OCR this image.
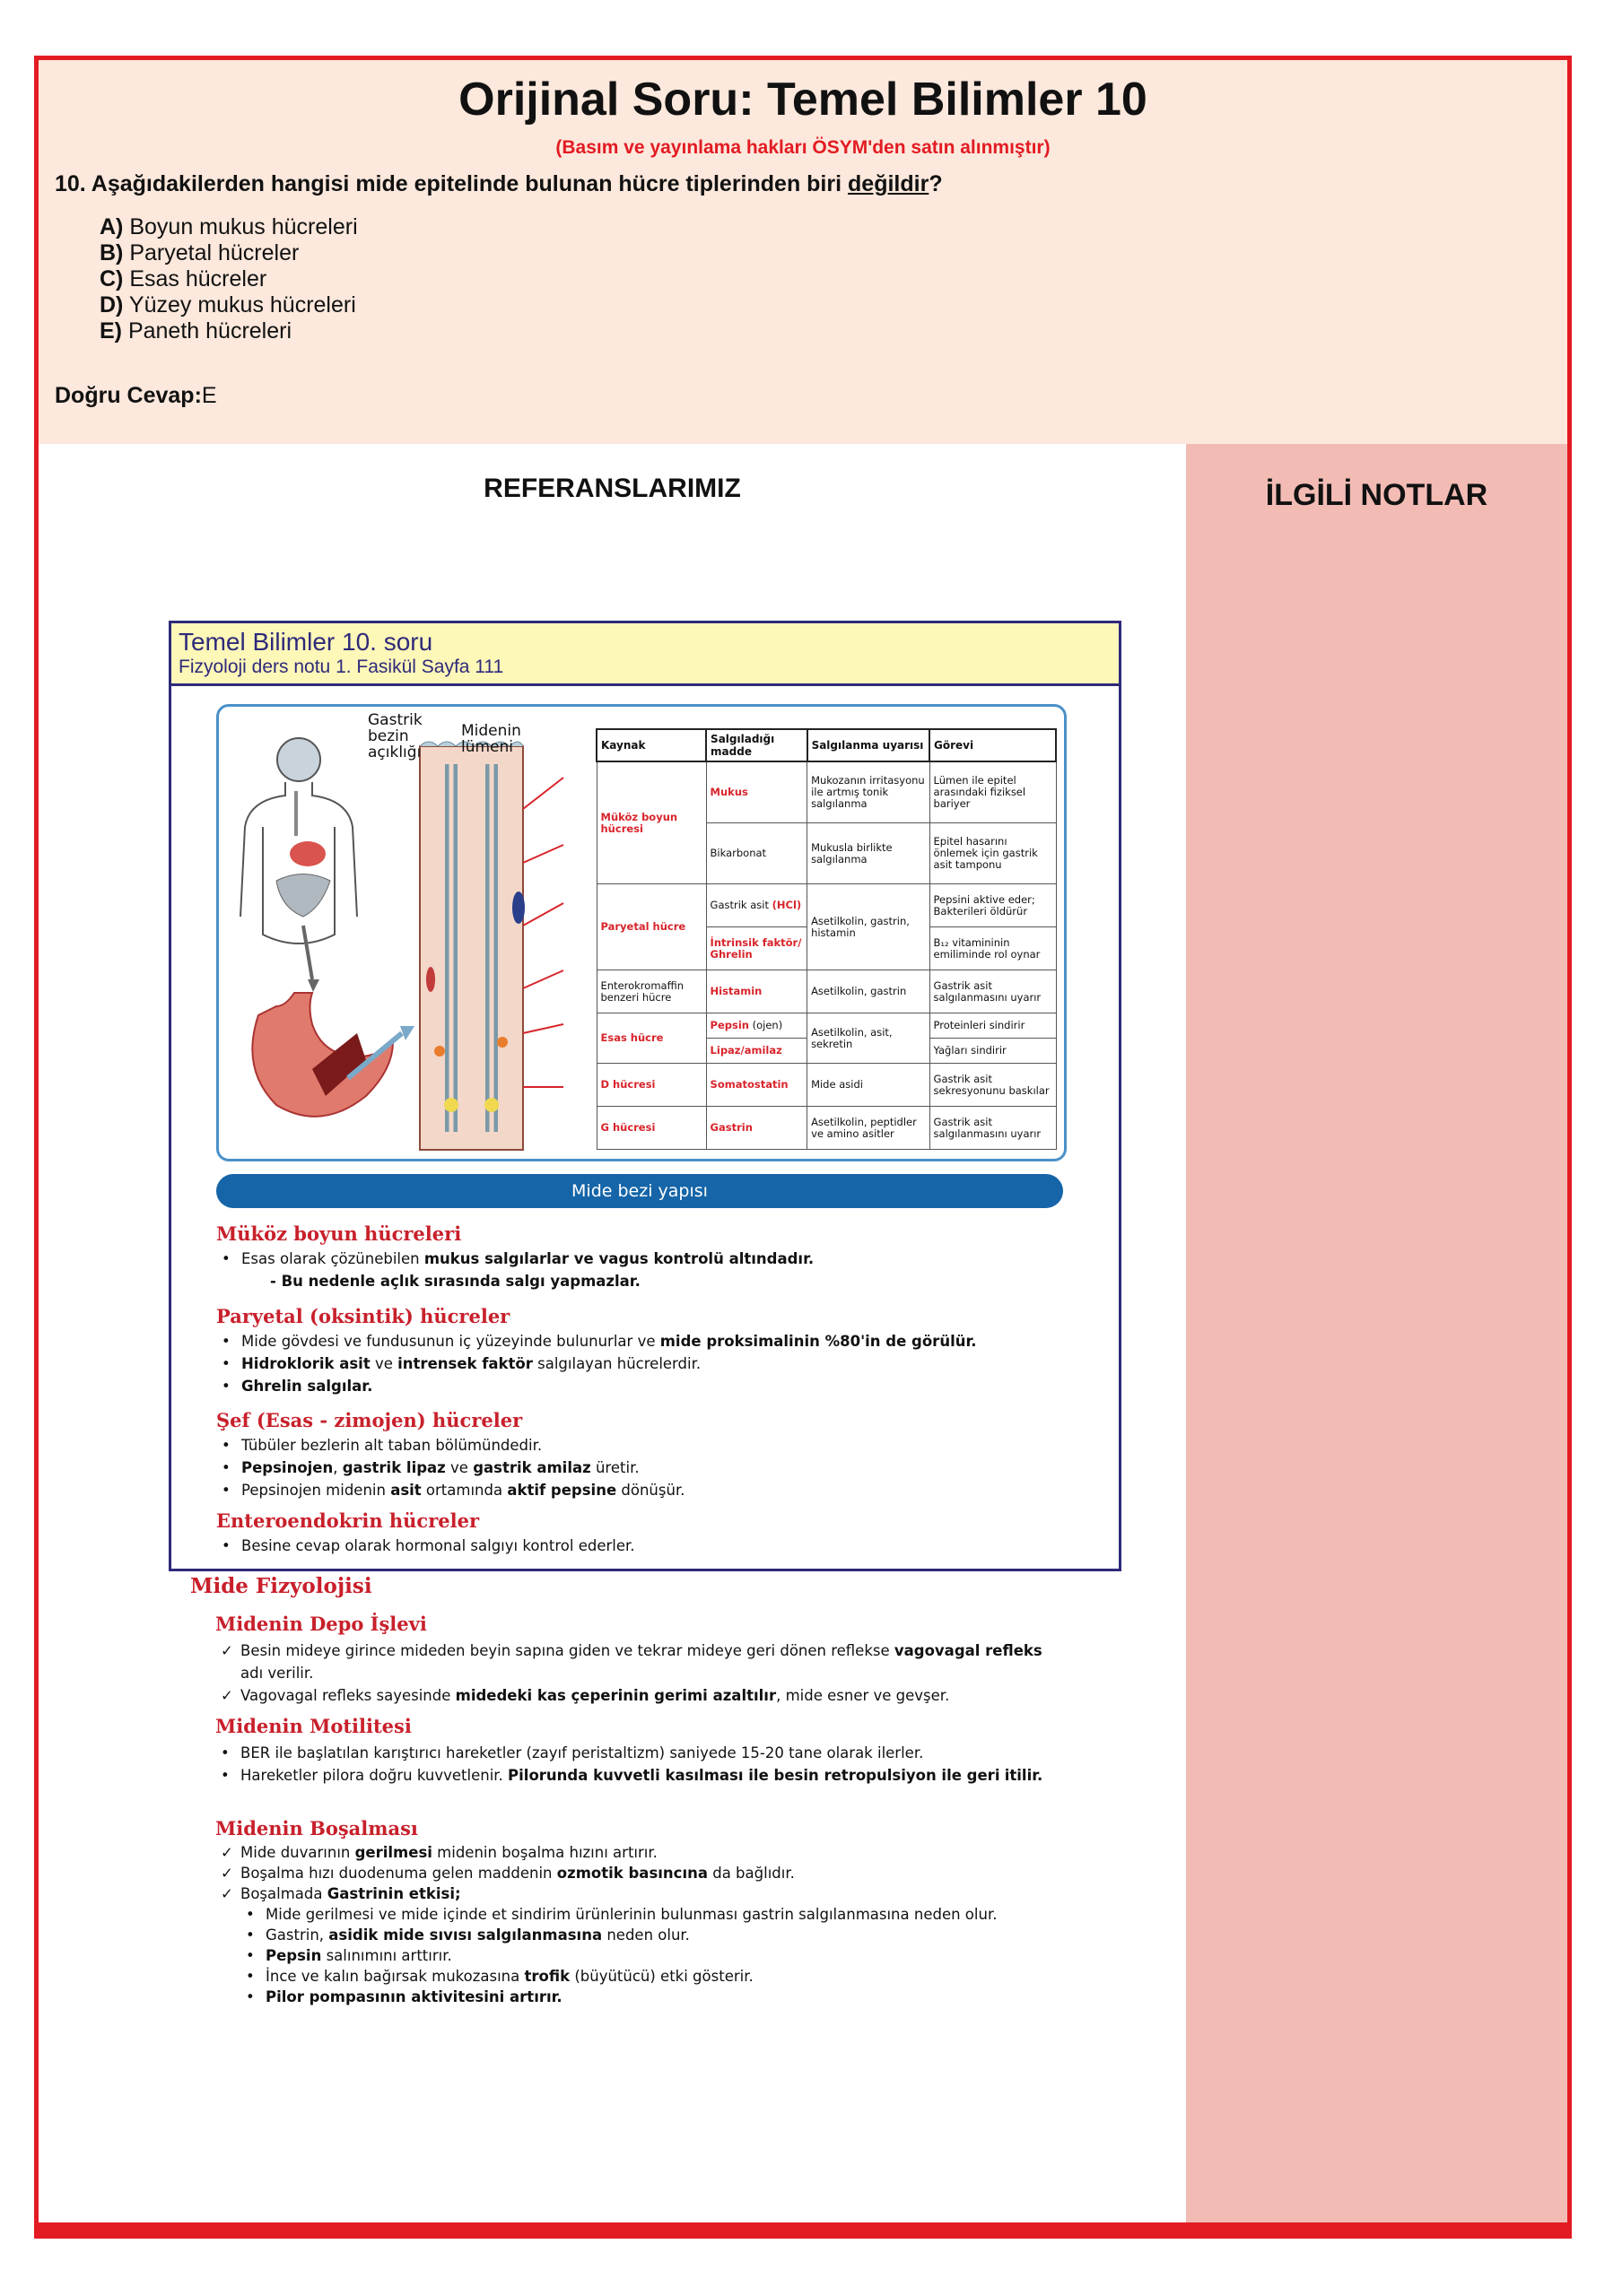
Orijinal Soru: Temel Bilimler 10
(Basım ve yayınlama hakları ÖSYM'den satın alınmıştır)
10. Aşağıdakilerden hangisi mide epitelinde bulunan hücre tiplerinden biri değildir?
A) Boyun mukus hücreleri
B) Paryetal hücreler
C) Esas hücreler
D) Yüzey mukus hücreleri
E) Paneth hücreleri
Doğru Cevap:E
İLGİLİ NOTLAR
REFERANSLARIMIZ
Temel Bilimler 10. soru
Fizyoloji ders notu 1. Fasikül Sayfa 111
Gastrik bezin açıklığı
Midenin lümeni	Kaynak	Salgıladığı madde	Salgılanma uyarısı	Görevi
Müköz boyun hücresi	Mukus	Mukozanın irritasyonu ile artmış tonik salgılanma	Lümen ile epitel arasındaki fiziksel bariyer
	Bikarbonat	Mukusla birlikte salgılanma	Epitel hasarını önlemek için gastrik asit tamponu
Paryetal hücre	Gastrik asit (HCl)	Asetilkolin, gastrin, histamin	Pepsini aktive eder; Bakterileri öldürür
	İntrinsik faktör/ Ghrelin		B₁₂ vitamininin emiliminde rol oynar
Enterokromaffin benzeri hücre	Histamin	Asetilkolin, gastrin	Gastrik asit salgılanmasını uyarır
Esas hücre	Pepsin (ojen)	Asetilkolin, asit, sekretin	Proteinleri sindirir
	Lipaz/amilaz		Yağları sindirir
D hücresi	Somatostatin	Mide asidi	Gastrik asit sekresyonunu baskılar
G hücresi	Gastrin	Asetilkolin, peptidler ve amino asitler	Gastrik asit salgılanmasını uyarır
Mide bezi yapısı
Müköz boyun hücreleri
• Esas olarak çözünebilen mukus salgılarlar ve vagus kontrolü altındadır.
- Bu nedenle açlık sırasında salgı yapmazlar.
Paryetal (oksintik) hücreler
• Mide gövdesi ve fundusunun iç yüzeyinde bulunurlar ve mide proksimalinin %80'in de görülür.
• Hidroklorik asit ve intrensek faktör salgılayan hücrelerdir.
• Ghrelin salgılar.
Şef (Esas - zimojen) hücreler
• Tübüler bezlerin alt taban bölümündedir.
• Pepsinojen, gastrik lipaz ve gastrik amilaz üretir.
• Pepsinojen midenin asit ortamında aktif pepsine dönüşür.
Enteroendokrin hücreler
• Besine cevap olarak hormonal salgıyı kontrol ederler.
Mide Fizyolojisi
Midenin Depo İşlevi
✓ Besin mideye girince mideden beyin sapına giden ve tekrar mideye geri dönen reflekse vagovagal refleks adı verilir.
✓ Vagovagal refleks sayesinde midedeki kas çeperinin gerimi azaltılır, mide esner ve gevşer.
Midenin Motilitesi
• BER ile başlatılan karıştırıcı hareketler (zayıf peristaltizm) saniyede 15-20 tane olarak ilerler.
• Hareketler pilora doğru kuvvetlenir. Pilorunda kuvvetli kasılması ile besin retropulsiyon ile geri itilir.
Midenin Boşalması
✓ Mide duvarının gerilmesi midenin boşalma hızını artırır.
✓ Boşalma hızı duodenuma gelen maddenin ozmotik basıncına da bağlıdır.
✓ Boşalmada Gastrinin etkisi;
• Mide gerilmesi ve mide içinde et sindirim ürünlerinin bulunması gastrin salgılanmasına neden olur.
• Gastrin, asidik mide sıvısı salgılanmasına neden olur.
• Pepsin salınımını arttırır.
• İnce ve kalın bağırsak mukozasına trofik (büyütücü) etki gösterir.
• Pilor pompasının aktivitesini artırır.
